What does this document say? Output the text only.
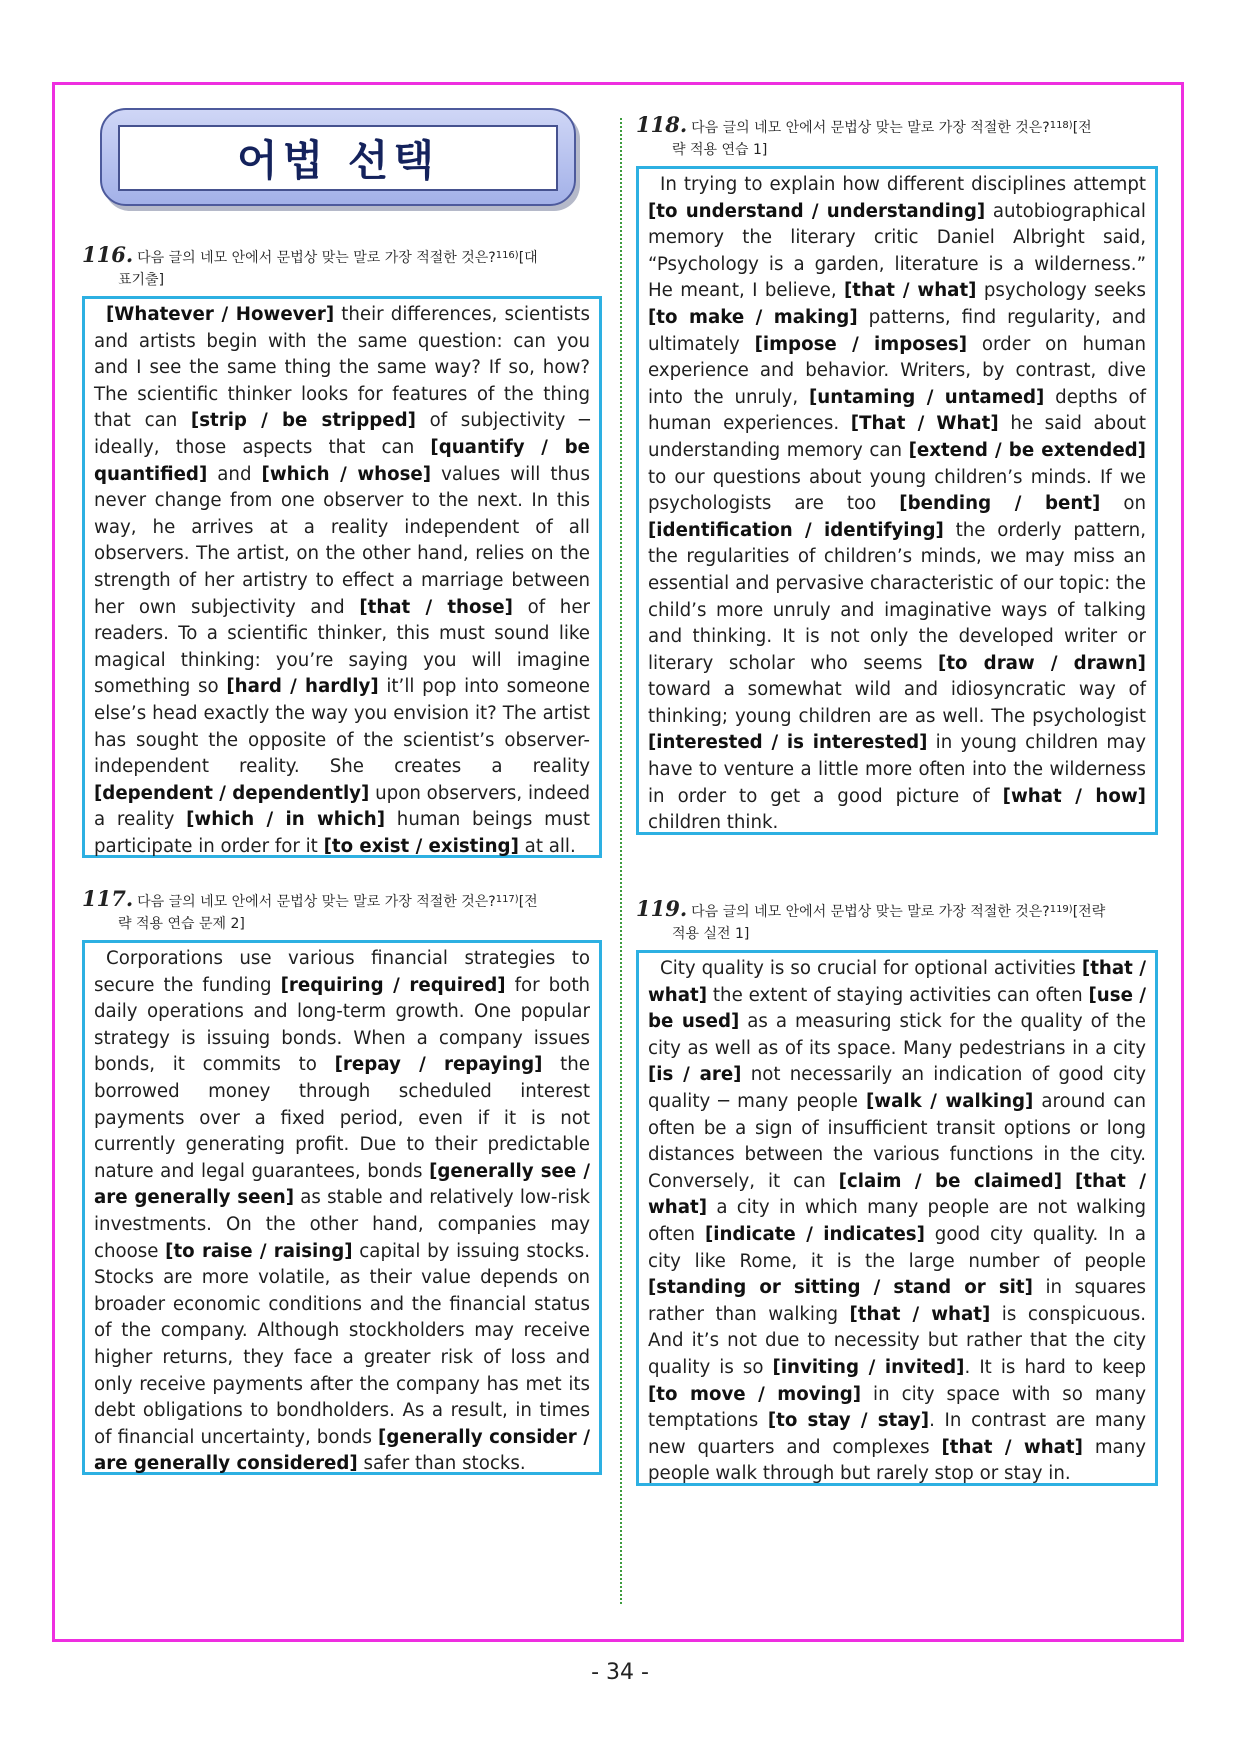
어법 선택
116. 다음 글의 네모 안에서 문법상 맞는 말로 가장 적절한 것은?$^{116)}$[대
표기출]

[Whatever / However] their differences, scientists and artists begin with the same question: can you and I see the same thing the same way? If so, how? The scientific thinker looks for features of the thing that can [strip / be stripped] of subjectivity ─ ideally, those aspects that can [quantify / be quantified] and [which / whose] values will thus never change from one observer to the next. In this way, he arrives at a reality independent of all observers. The artist, on the other hand, relies on the strength of her artistry to effect a marriage between her own subjectivity and [that / those] of her readers. To a scientific thinker, this must sound like magical thinking: you’re saying you will imagine something so [hard / hardly] it’ll pop into someone else’s head exactly the way you envision it? The artist has sought the opposite of the scientist’s observer-independent reality. She creates a reality [dependent / dependently] upon observers, indeed a reality [which / in which] human beings must participate in order for it [to exist / existing] at all.

117. 다음 글의 네모 안에서 문법상 맞는 말로 가장 적절한 것은?$^{117)}$[전
략 적용 연습 문제 2]

Corporations use various financial strategies to secure the funding [requiring / required] for both daily operations and long-term growth. One popular strategy is issuing bonds. When a company issues bonds, it commits to [repay / repaying] the borrowed money through scheduled interest payments over a fixed period, even if it is not currently generating profit. Due to their predictable nature and legal guarantees, bonds [generally see / are generally seen] as stable and relatively low-risk investments. On the other hand, companies may choose [to raise / raising] capital by issuing stocks. Stocks are more volatile, as their value depends on broader economic conditions and the financial status of the company. Although stockholders may receive higher returns, they face a greater risk of loss and only receive payments after the company has met its debt obligations to bondholders. As a result, in times of financial uncertainty, bonds [generally consider / are generally considered] safer than stocks.

118. 다음 글의 네모 안에서 문법상 맞는 말로 가장 적절한 것은?$^{118)}$[전
략 적용 연습 1]

In trying to explain how different disciplines attempt [to understand / understanding] autobiographical memory the literary critic Daniel Albright said, “Psychology is a garden, literature is a wilderness.” He meant, I believe, [that / what] psychology seeks [to make / making] patterns, find regularity, and ultimately [impose / imposes] order on human experience and behavior. Writers, by contrast, dive into the unruly, [untaming / untamed] depths of human experiences. [That / What] he said about understanding memory can [extend / be extended] to our questions about young children’s minds. If we psychologists are too [bending / bent] on [identification / identifying] the orderly pattern, the regularities of children’s minds, we may miss an essential and pervasive characteristic of our topic: the child’s more unruly and imaginative ways of talking and thinking. It is not only the developed writer or literary scholar who seems [to draw / drawn] toward a somewhat wild and idiosyncratic way of thinking; young children are as well. The psychologist [interested / is interested] in young children may have to venture a little more often into the wilderness in order to get a good picture of [what / how] children think.

119. 다음 글의 네모 안에서 문법상 맞는 말로 가장 적절한 것은?$^{119)}$[전략
적용 실전 1]

City quality is so crucial for optional activities [that / what] the extent of staying activities can often [use / be used] as a measuring stick for the quality of the city as well as of its space. Many pedestrians in a city [is / are] not necessarily an indication of good city quality ─ many people [walk / walking] around can often be a sign of insufficient transit options or long distances between the various functions in the city. Conversely, it can [claim / be claimed] [that / what] a city in which many people are not walking often [indicate / indicates] good city quality. In a city like Rome, it is the large number of people [standing or sitting / stand or sit] in squares rather than walking [that / what] is conspicuous. And it’s not due to necessity but rather that the city quality is so [inviting / invited]. It is hard to keep [to move / moving] in city space with so many temptations [to stay / stay]. In contrast are many new quarters and complexes [that / what] many people walk through but rarely stop or stay in.

- 34 -
